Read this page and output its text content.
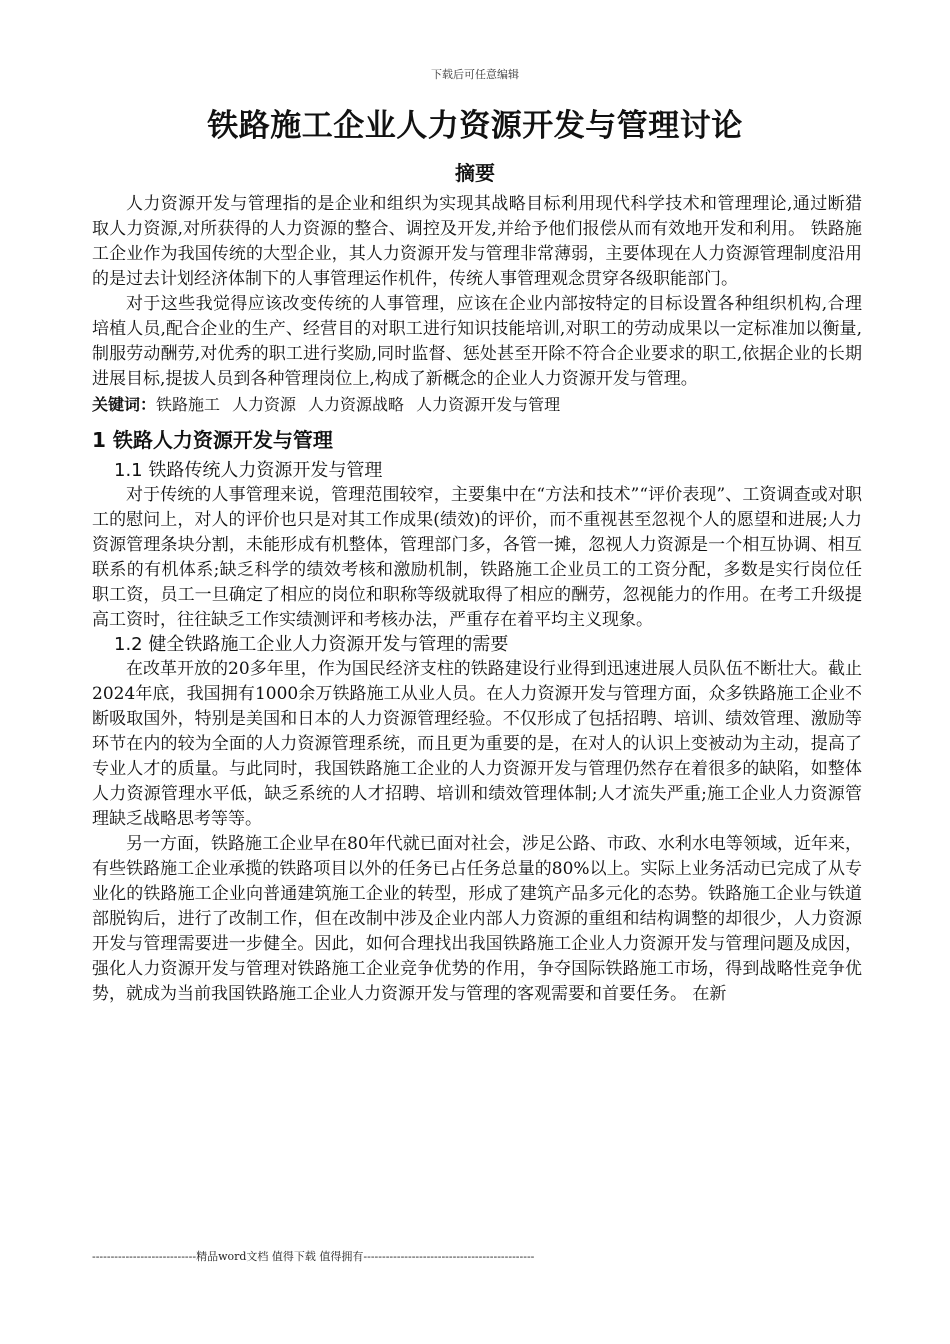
下载后可任意编辑
铁路施工企业人力资源开发与管理讨论
摘要

人力资源开发与管理指的是企业和组织为实现其战略目标利用现代科学技术和管理理论,通过断猎取人力资源,对所获得的人力资源的整合、调控及开发,并给予他们报偿从而有效地开发和利用。 铁路施工企业作为我国传统的大型企业，其人力资源开发与管理非常薄弱，主要体现在人力资源管理制度沿用的是过去计划经济体制下的人事管理运作机件，传统人事管理观念贯穿各级职能部门。

对于这些我觉得应该改变传统的人事管理，应该在企业内部按特定的目标设置各种组织机构,合理培植人员,配合企业的生产、经营目的对职工进行知识技能培训,对职工的劳动成果以一定标准加以衡量,制服劳动酬劳,对优秀的职工进行奖励,同时监督、惩处甚至开除不符合企业要求的职工,依据企业的长期进展目标,提拔人员到各种管理岗位上,构成了新概念的企业人力资源开发与管理。

关键词：铁路施工 人力资源 人力资源战略 人力资源开发与管理

1 铁路人力资源开发与管理
1.1 铁路传统人力资源开发与管理

对于传统的人事管理来说，管理范围较窄，主要集中在“方法和技术”“评价表现”、工资调查或对职工的慰问上，对人的评价也只是对其工作成果(绩效)的评价，而不重视甚至忽视个人的愿望和进展;人力资源管理条块分割，未能形成有机整体，管理部门多，各管一摊，忽视人力资源是一个相互协调、相互联系的有机体系;缺乏科学的绩效考核和激励机制，铁路施工企业员工的工资分配，多数是实行岗位任职工资，员工一旦确定了相应的岗位和职称等级就取得了相应的酬劳，忽视能力的作用。在考工升级提高工资时，往往缺乏工作实绩测评和考核办法，严重存在着平均主义现象。

1.2 健全铁路施工企业人力资源开发与管理的需要

在改革开放的20多年里，作为国民经济支柱的铁路建设行业得到迅速进展人员队伍不断壮大。截止2024年底，我国拥有1000余万铁路施工从业人员。在人力资源开发与管理方面，众多铁路施工企业不断吸取国外，特别是美国和日本的人力资源管理经验。不仅形成了包括招聘、培训、绩效管理、激励等环节在内的较为全面的人力资源管理系统，而且更为重要的是，在对人的认识上变被动为主动，提高了专业人才的质量。与此同时，我国铁路施工企业的人力资源开发与管理仍然存在着很多的缺陷，如整体人力资源管理水平低，缺乏系统的人才招聘、培训和绩效管理体制;人才流失严重;施工企业人力资源管理缺乏战略思考等等。

另一方面，铁路施工企业早在80年代就已面对社会，涉足公路、市政、水利水电等领域，近年来，有些铁路施工企业承揽的铁路项目以外的任务已占任务总量的80%以上。实际上业务活动已完成了从专业化的铁路施工企业向普通建筑施工企业的转型，形成了建筑产品多元化的态势。铁路施工企业与铁道部脱钩后，进行了改制工作，但在改制中涉及企业内部人力资源的重组和结构调整的却很少，人力资源开发与管理需要进一步健全。因此，如何合理找出我国铁路施工企业人力资源开发与管理问题及成因，强化人力资源开发与管理对铁路施工企业竞争优势的作用，争夺国际铁路施工市场，得到战略性竞争优势，就成为当前我国铁路施工企业人力资源开发与管理的客观需要和首要任务。 在新

----------------------------精品word文档 值得下载 值得拥有----------------------------------------------
